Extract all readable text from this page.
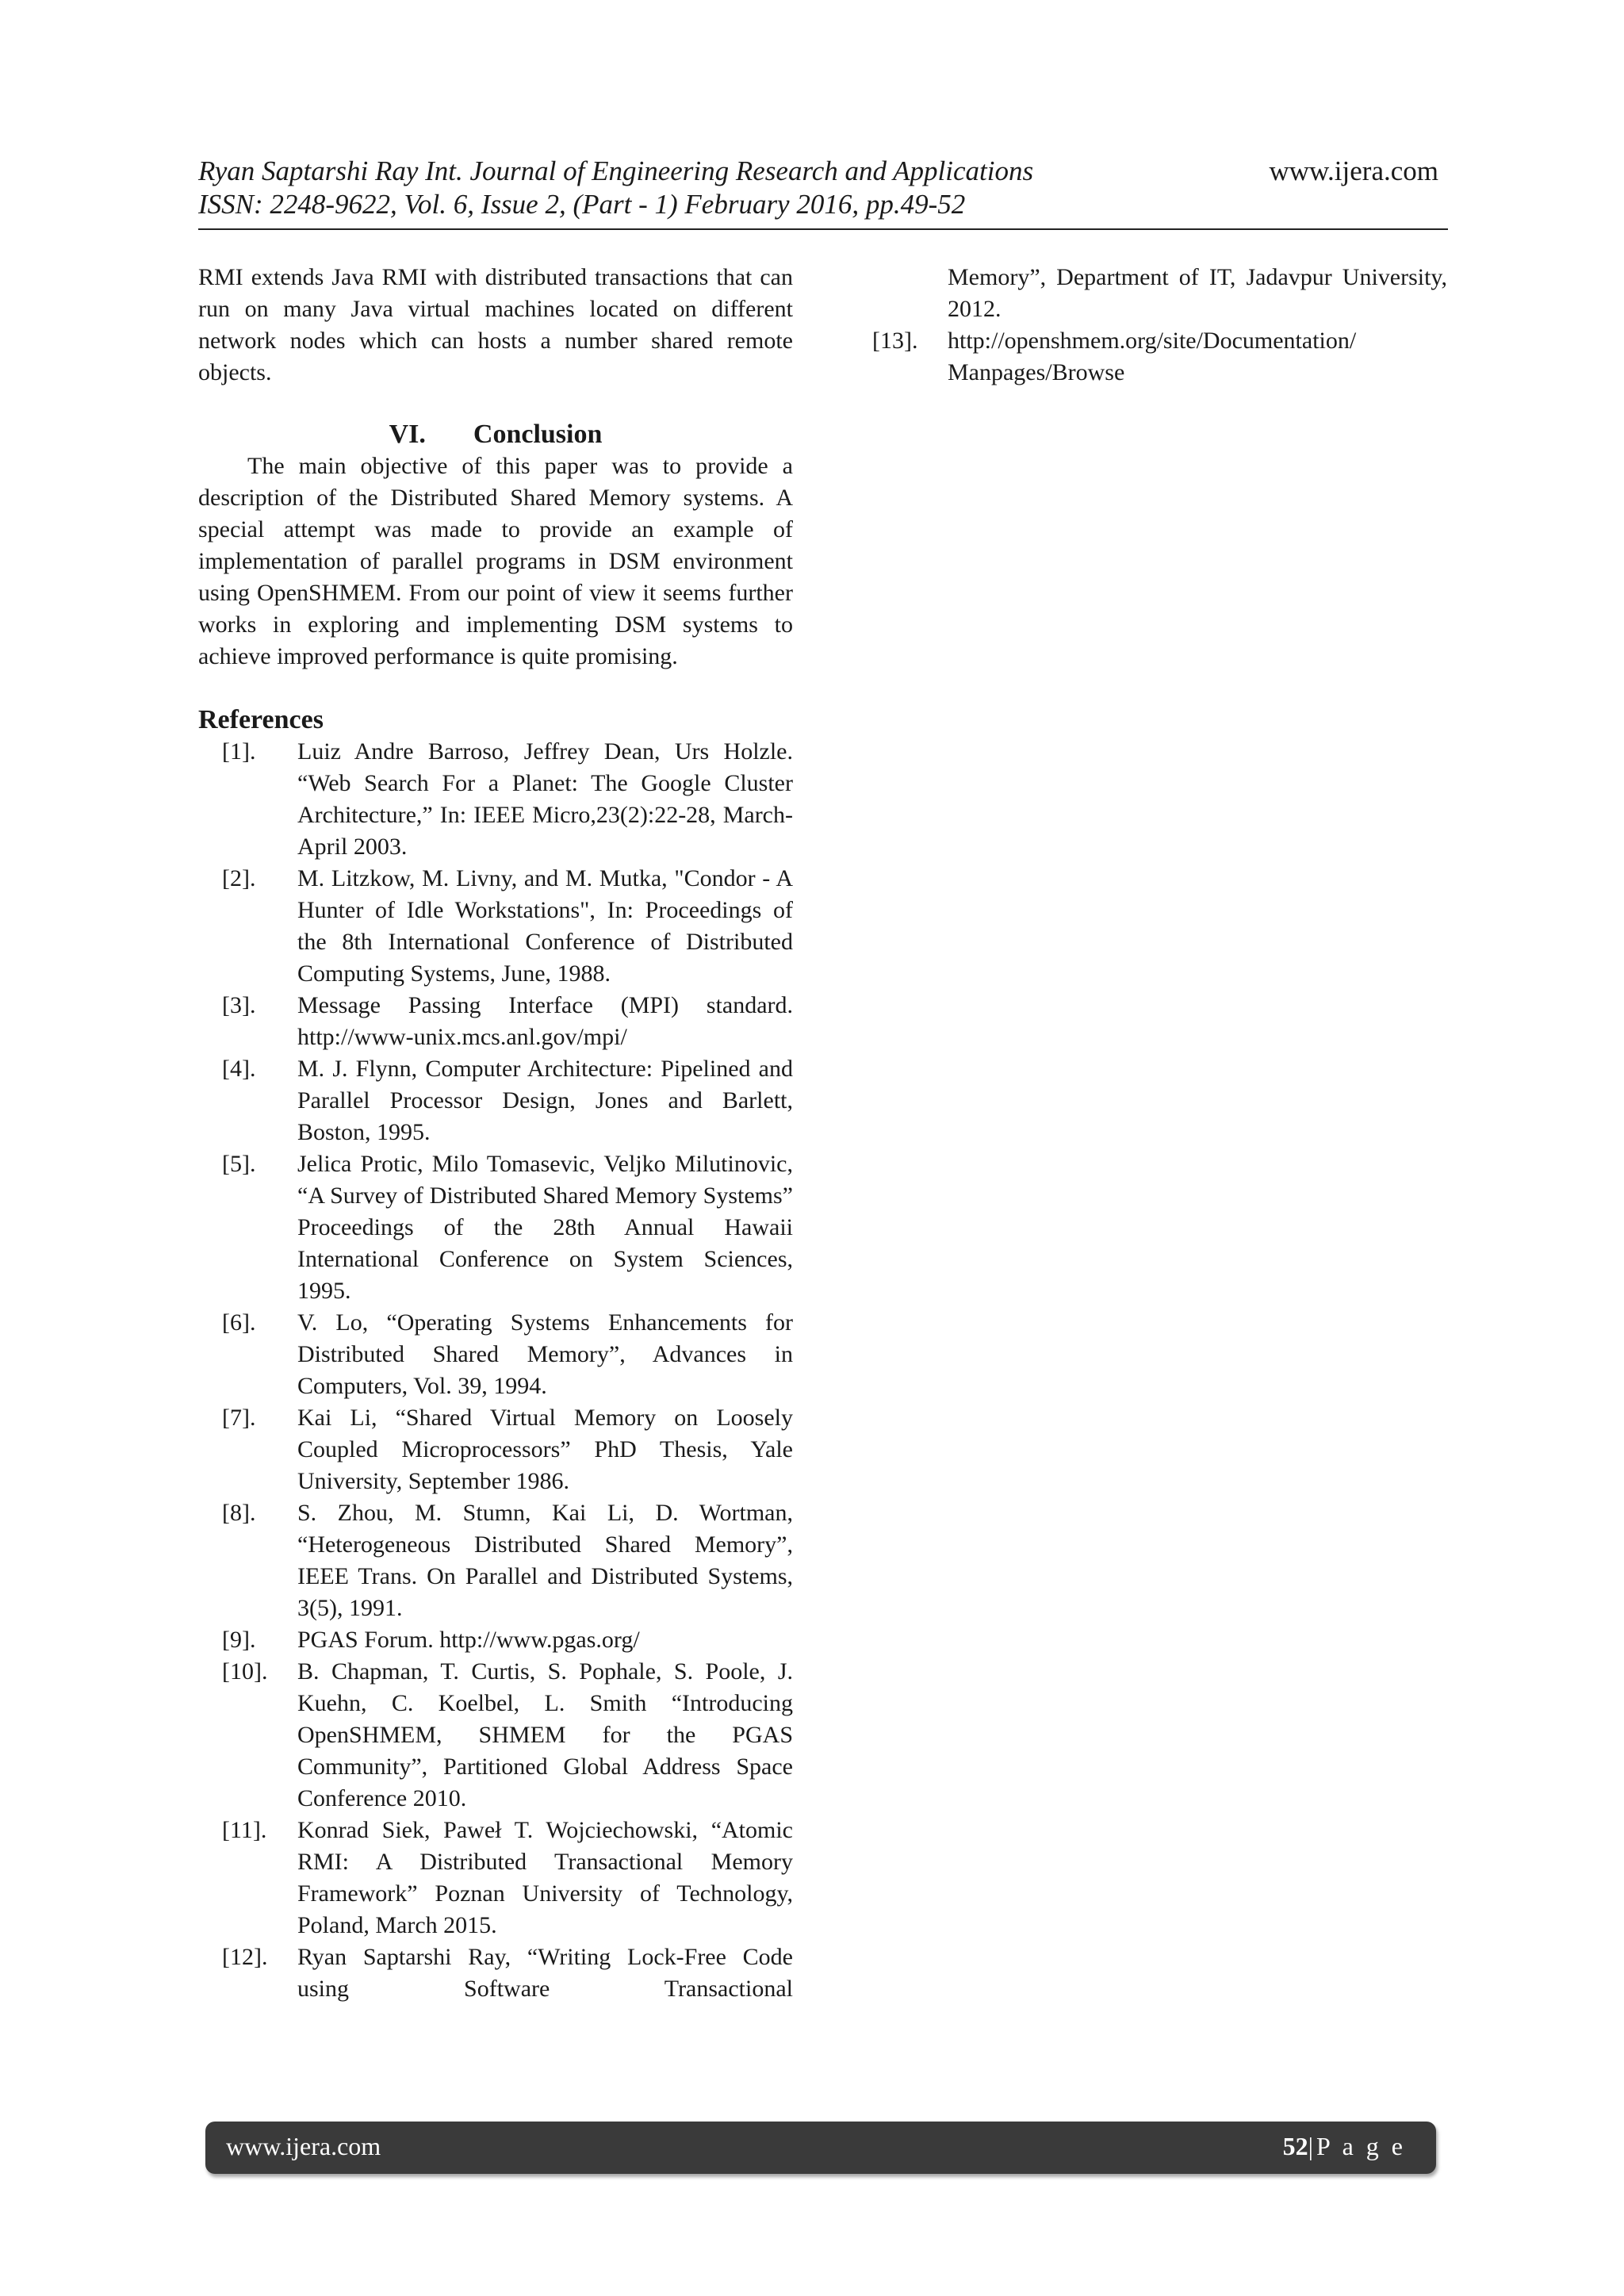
Ryan Saptarshi Ray Int. Journal of Engineering Research and Applications	www.ijera.com
ISSN: 2248-9622, Vol. 6, Issue 2, (Part - 1) February 2016, pp.49-52

RMI extends Java RMI with distributed transactions that can run on many Java virtual machines located on different network nodes which can hosts a number shared remote objects.

VI. Conclusion

The main objective of this paper was to provide a description of the Distributed Shared Memory systems. A special attempt was made to provide an example of implementation of parallel programs in DSM environment using OpenSHMEM. From our point of view it seems further works in exploring and implementing DSM systems to achieve improved performance is quite promising.

References
[1].	Luiz Andre Barroso, Jeffrey Dean, Urs Holzle. “Web Search For a Planet: The Google Cluster Architecture,” In: IEEE Micro,23(2):22-28, March-April 2003.
[2].	M. Litzkow, M. Livny, and M. Mutka, "Condor - A Hunter of Idle Workstations", In: Proceedings of the 8th International Conference of Distributed Computing Systems, June, 1988.
[3].	Message Passing Interface (MPI) standard. http://www-unix.mcs.anl.gov/mpi/
[4].	M. J. Flynn, Computer Architecture: Pipelined and Parallel Processor Design, Jones and Barlett, Boston, 1995.
[5].	Jelica Protic, Milo Tomasevic, Veljko Milutinovic, “A Survey of Distributed Shared Memory Systems” Proceedings of the 28th Annual Hawaii International Conference on System Sciences, 1995.
[6].	V. Lo, “Operating Systems Enhancements for Distributed Shared Memory”, Advances in Computers, Vol. 39, 1994.
[7].	Kai Li, “Shared Virtual Memory on Loosely Coupled Microprocessors” PhD Thesis, Yale University, September 1986.
[8].	S. Zhou, M. Stumn, Kai Li, D. Wortman, “Heterogeneous Distributed Shared Memory”, IEEE Trans. On Parallel and Distributed Systems, 3(5), 1991.
[9].	PGAS Forum. http://www.pgas.org/
[10].	B. Chapman, T. Curtis, S. Pophale, S. Poole, J. Kuehn, C. Koelbel, L. Smith “Introducing OpenSHMEM, SHMEM for the PGAS Community”, Partitioned Global Address Space Conference 2010.
[11].	Konrad Siek, Paweł T. Wojciechowski, “Atomic RMI: A Distributed Transactional Memory Framework” Poznan University of Technology, Poland, March 2015.
[12].	Ryan Saptarshi Ray, “Writing Lock-Free Code using Software Transactional
Memory”, Department of IT, Jadavpur University, 2012.
[13].	http://openshmem.org/site/Documentation/ Manpages/Browse
www.ijera.com	52|P a g e
